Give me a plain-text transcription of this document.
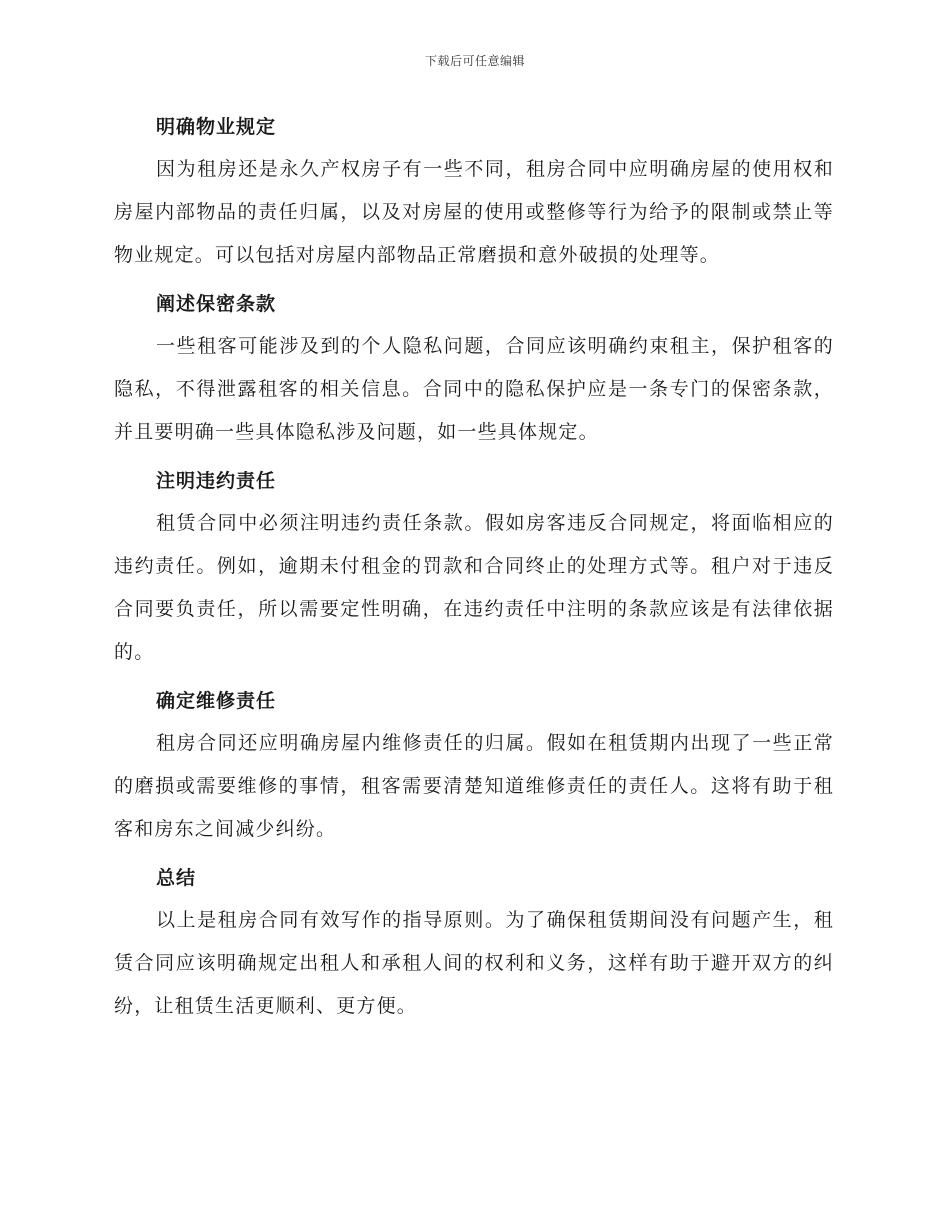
下载后可任意编辑
明确物业规定

因为租房还是永久产权房子有一些不同，租房合同中应明确房屋的使用权和房屋内部物品的责任归属，以及对房屋的使用或整修等行为给予的限制或禁止等物业规定。可以包括对房屋内部物品正常磨损和意外破损的处理等。

阐述保密条款

一些租客可能涉及到的个人隐私问题，合同应该明确约束租主，保护租客的隐私，不得泄露租客的相关信息。合同中的隐私保护应是一条专门的保密条款，并且要明确一些具体隐私涉及问题，如一些具体规定。

注明违约责任

租赁合同中必须注明违约责任条款。假如房客违反合同规定，将面临相应的违约责任。例如，逾期未付租金的罚款和合同终止的处理方式等。租户对于违反合同要负责任，所以需要定性明确，在违约责任中注明的条款应该是有法律依据的。

确定维修责任

租房合同还应明确房屋内维修责任的归属。假如在租赁期内出现了一些正常的磨损或需要维修的事情，租客需要清楚知道维修责任的责任人。这将有助于租客和房东之间减少纠纷。

总结

以上是租房合同有效写作的指导原则。为了确保租赁期间没有问题产生，租赁合同应该明确规定出租人和承租人间的权利和义务，这样有助于避开双方的纠纷，让租赁生活更顺利、更方便。
